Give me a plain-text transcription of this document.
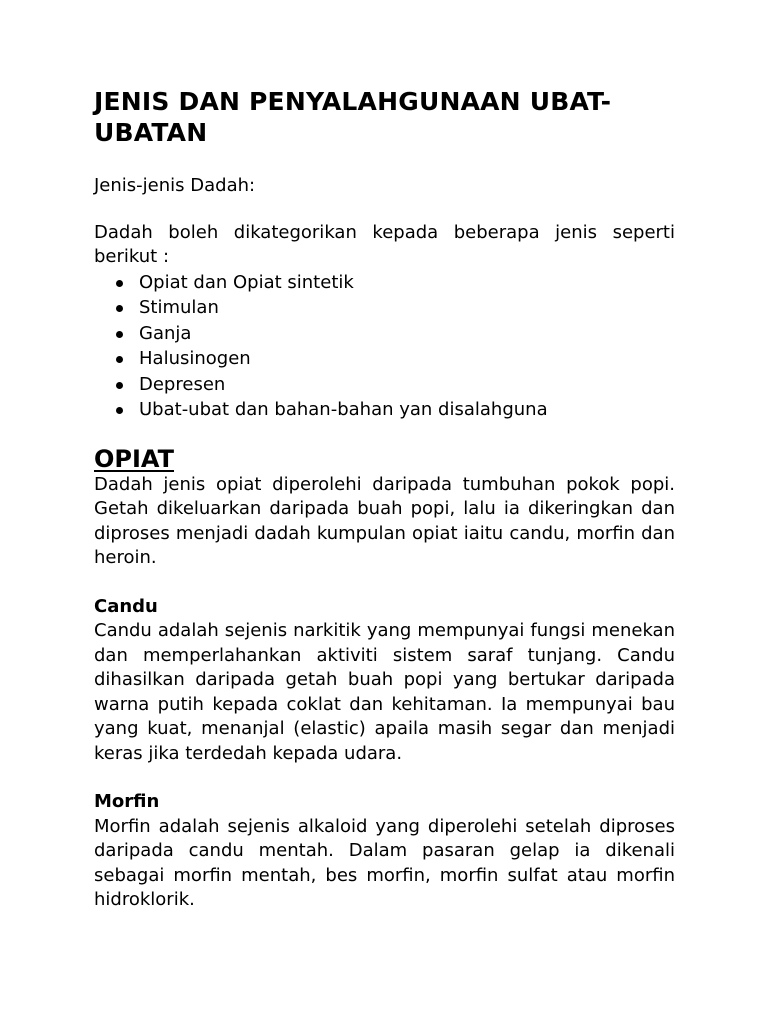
JENIS DAN PENYALAHGUNAAN UBAT-UBATAN

Jenis-jenis Dadah:

Dadah boleh dikategorikan kepada beberapa jenis seperti berikut :

Opiat dan Opiat sintetik
Stimulan
Ganja
Halusinogen
Depresen
Ubat-ubat dan bahan-bahan yan disalahguna
OPIAT

Dadah jenis opiat diperolehi daripada tumbuhan pokok popi. Getah dikeluarkan daripada buah popi, lalu ia dikeringkan dan diproses menjadi dadah kumpulan opiat iaitu candu, morfin dan heroin.

Candu

Candu adalah sejenis narkitik yang mempunyai fungsi menekan dan memperlahankan aktiviti sistem saraf tunjang. Candu dihasilkan daripada getah buah popi yang bertukar daripada warna putih kepada coklat dan kehitaman. Ia mempunyai bau yang kuat, menanjal (elastic) apaila masih segar dan menjadi keras jika terdedah kepada udara.

Morfin

Morfin adalah sejenis alkaloid yang diperolehi setelah diproses daripada candu mentah. Dalam pasaran gelap ia dikenali sebagai morfin mentah, bes morfin, morfin sulfat atau morfin hidroklorik.
